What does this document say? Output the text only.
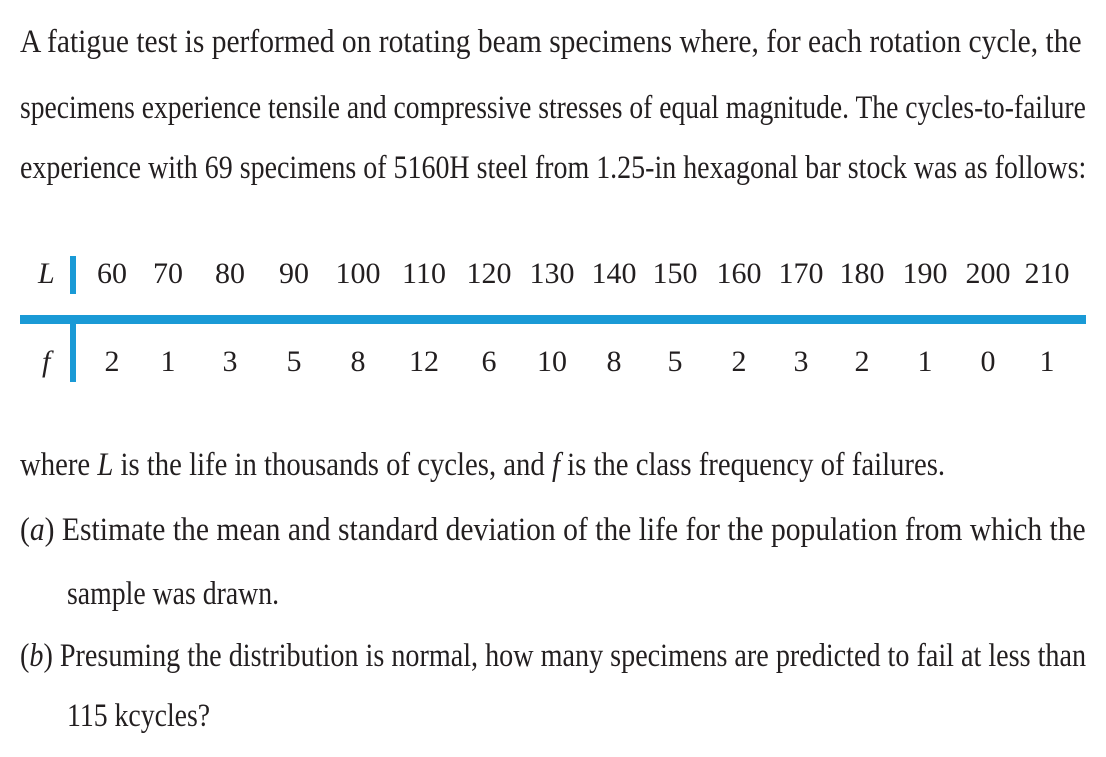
A fatigue test is performed on rotating beam specimens where, for each rotation cycle, the
specimens experience tensile and compressive stresses of equal magnitude. The cycles-to-failure
experience with 69 specimens of 5160H steel from 1.25-in hexagonal bar stock was as follows:
L 60 70 80 90 100 110 120 130 140 150 160 170 180 190 200 210
f 2 1 3 5 8 12 6 10 8 5 2 3 2 1 0 1
where L is the life in thousands of cycles, and f is the class frequency of failures.
(a) Estimate the mean and standard deviation of the life for the population from which the
sample was drawn.
(b) Presuming the distribution is normal, how many specimens are predicted to fail at less than
115 kcycles?
